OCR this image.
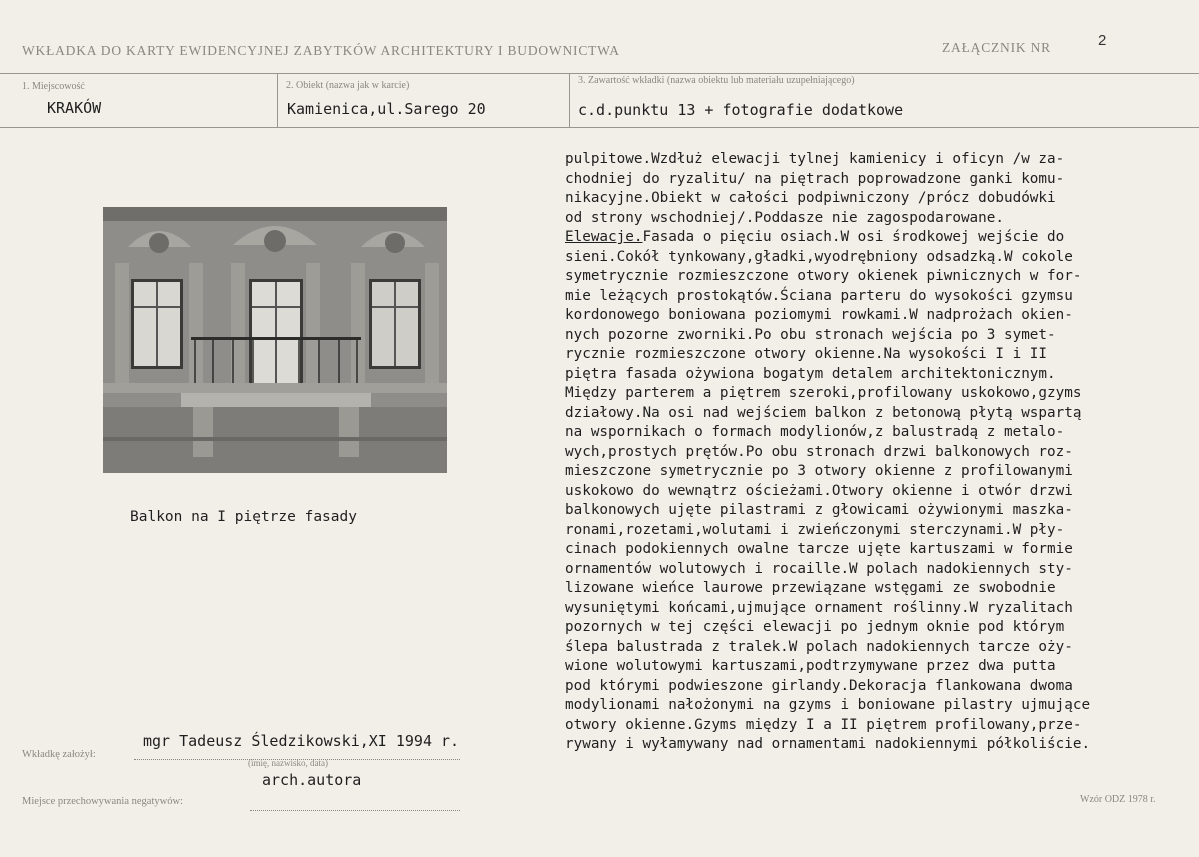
WKŁADKA DO KARTY EWIDENCYJNEJ ZABYTKÓW ARCHITEKTURY I BUDOWNICTWA	ZAŁĄCZNIK NR	2
1. Miejscowość
KRAKÓW
2. Obiekt (nazwa jak w karcie)
Kamienica,ul.Sarego 20
3. Zawartość wkładki (nazwa obiektu lub materiału uzupełniającego)
c.d.punktu 13 + fotografie dodatkowe
Balkon na I piętrze fasady
pulpitowe.Wzdłuż elewacji tylnej kamienicy i oficyn /w za-
chodniej do ryzalitu/ na piętrach poprowadzone ganki komu-
nikacyjne.Obiekt w całości podpiwniczony /prócz dobudówki
od strony wschodniej/.Poddasze nie zagospodarowane.
Elewacje.Fasada o pięciu osiach.W osi środkowej wejście do
sieni.Cokół tynkowany,gładki,wyodrębniony odsadzką.W cokole
symetrycznie rozmieszczone otwory okienek piwnicznych w for-
mie leżących prostokątów.Ściana parteru do wysokości gzymsu
kordonowego boniowana poziomymi rowkami.W nadprożach okien-
nych pozorne zworniki.Po obu stronach wejścia po 3 symet-
rycznie rozmieszczone otwory okienne.Na wysokości I i II
piętra fasada ożywiona bogatym detalem architektonicznym.
Między parterem a piętrem szeroki,profilowany uskokowo,gzyms
działowy.Na osi nad wejściem balkon z betonową płytą wspartą
na wspornikach o formach modylionów,z balustradą z metalo-
wych,prostych prętów.Po obu stronach drzwi balkonowych roz-
mieszczone symetrycznie po 3 otwory okienne z profilowanymi
uskokowo do wewnątrz ościeżami.Otwory okienne i otwór drzwi
balkonowych ujęte pilastrami z głowicami ożywionymi maszka-
ronami,rozetami,wolutami i zwieńczonymi sterczynami.W pły-
cinach podokiennych owalne tarcze ujęte kartuszami w formie
ornamentów wolutowych i rocaille.W polach nadokiennych sty-
lizowane wieńce laurowe przewiązane wstęgami ze swobodnie
wysuniętymi końcami,ujmujące ornament roślinny.W ryzalitach
pozornych w tej części elewacji po jednym oknie pod którym
ślepa balustrada z tralek.W polach nadokiennych tarcze oży-
wione wolutowymi kartuszami,podtrzymywane przez dwa putta
pod którymi podwieszone girlandy.Dekoracja flankowana dwoma
modylionami nałożonymi na gzyms i boniowane pilastry ujmujące
otwory okienne.Gzyms między I a II piętrem profilowany,prze-
rywany i wyłamywany nad ornamentami nadokiennymi półkoliście.
mgr Tadeusz Śledzikowski,XI 1994 r.
Wkładkę założył:
(imię, nazwisko, data)
arch.autora
Miejsce przechowywania negatywów:	Wzór ODZ 1978 r.
